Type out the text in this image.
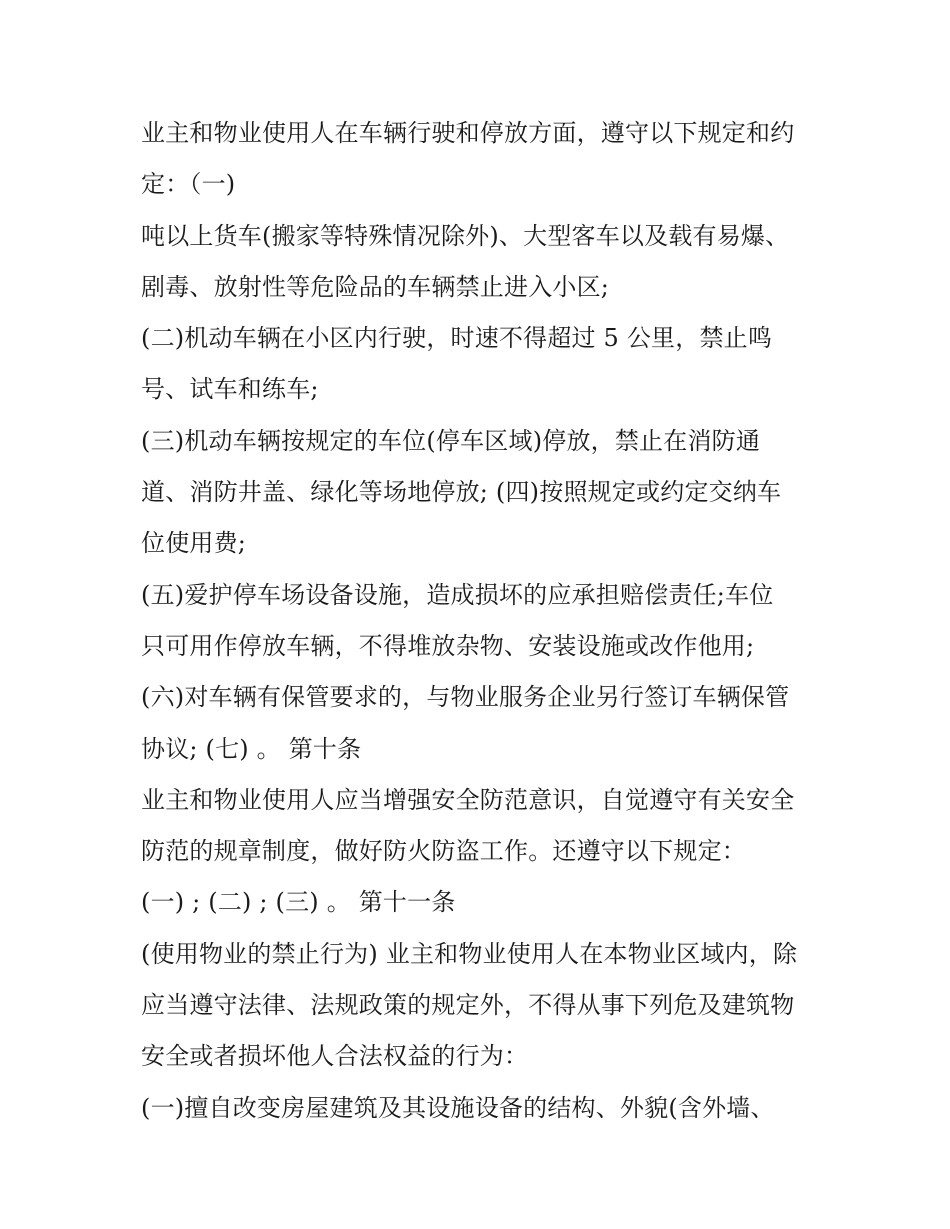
业主和物业使用人在车辆行驶和停放方面，遵守以下规定和约
定：（一)
吨以上货车(搬家等特殊情况除外)、大型客车以及载有易爆、
剧毒、放射性等危险品的车辆禁止进入小区;
(二)机动车辆在小区内行驶，时速不得超过 5 公里，禁止鸣
号、试车和练车;
(三)机动车辆按规定的车位(停车区域)停放，禁止在消防通
道、消防井盖、绿化等场地停放; (四)按照规定或约定交纳车
位使用费;
(五)爱护停车场设备设施，造成损坏的应承担赔偿责任;车位
只可用作停放车辆，不得堆放杂物、安装设施或改作他用;
(六)对车辆有保管要求的，与物业服务企业另行签订车辆保管
协议; (七) 。 第十条
业主和物业使用人应当增强安全防范意识，自觉遵守有关安全
防范的规章制度，做好防火防盗工作。还遵守以下规定：
(一) ; (二) ; (三) 。 第十一条
(使用物业的禁止行为) 业主和物业使用人在本物业区域内，除
应当遵守法律、法规政策的规定外，不得从事下列危及建筑物
安全或者损坏他人合法权益的行为：
(一)擅自改变房屋建筑及其设施设备的结构、外貌(含外墙、
